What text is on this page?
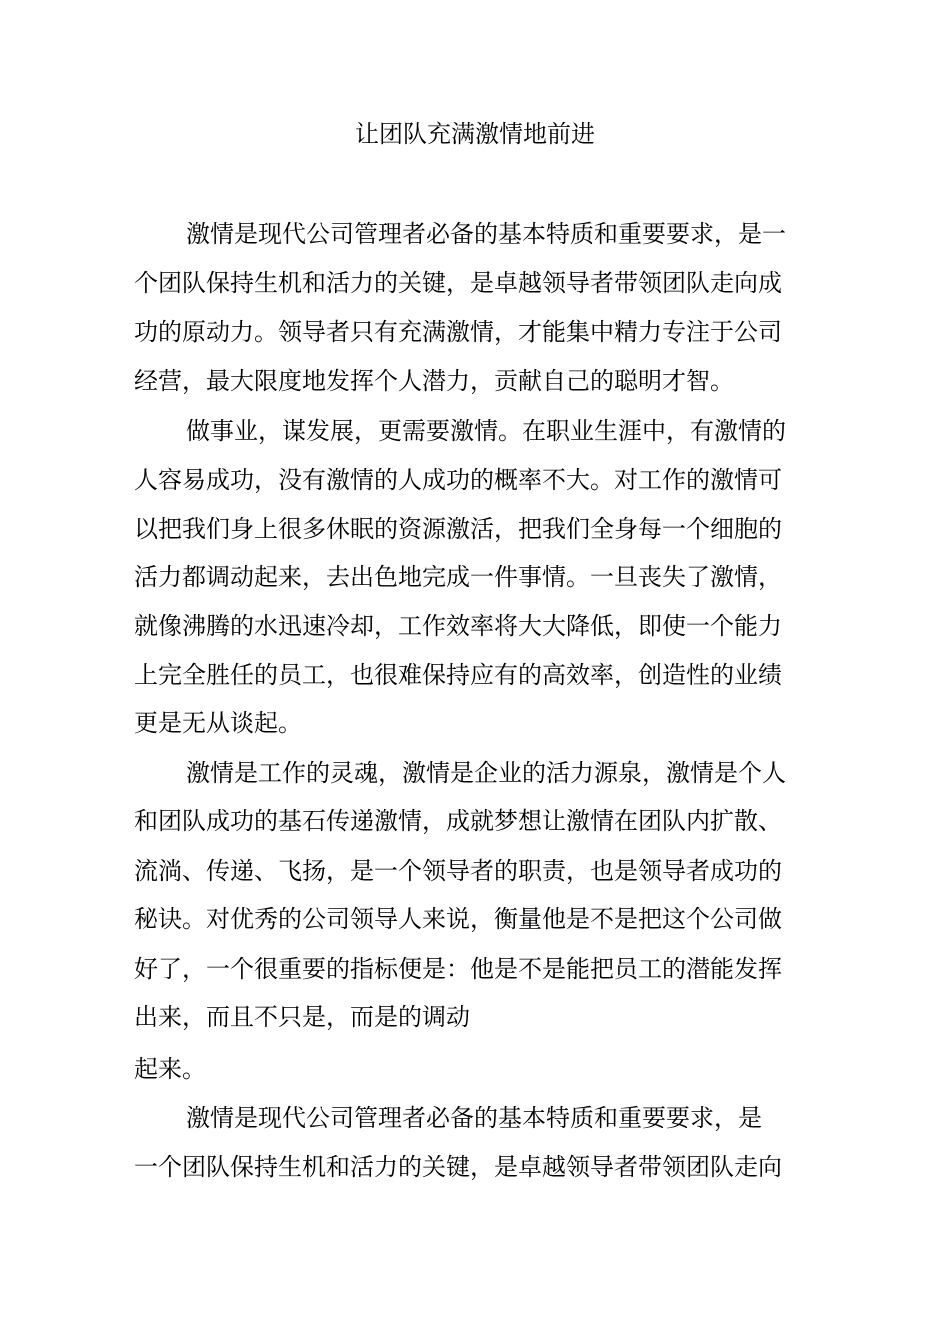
让团队充满激情地前进
激情是现代公司管理者必备的基本特质和重要要求，是一
个团队保持生机和活力的关键，是卓越领导者带领团队走向成
功的原动力。领导者只有充满激情，才能集中精力专注于公司
经营，最大限度地发挥个人潜力，贡献自己的聪明才智。
做事业，谋发展，更需要激情。在职业生涯中，有激情的
人容易成功，没有激情的人成功的概率不大。对工作的激情可
以把我们身上很多休眠的资源激活，把我们全身每一个细胞的
活力都调动起来，去出色地完成一件事情。一旦丧失了激情，
就像沸腾的水迅速冷却，工作效率将大大降低，即使一个能力
上完全胜任的员工，也很难保持应有的高效率，创造性的业绩
更是无从谈起。
激情是工作的灵魂，激情是企业的活力源泉，激情是个人
和团队成功的基石传递激情，成就梦想让激情在团队内扩散、
流淌、传递、飞扬，是一个领导者的职责，也是领导者成功的
秘诀。对优秀的公司领导人来说，衡量他是不是把这个公司做
好了，一个很重要的指标便是：他是不是能把员工的潜能发挥
出来，而且不只是，而是的调动
起来。
激情是现代公司管理者必备的基本特质和重要要求，是
一个团队保持生机和活力的关键，是卓越领导者带领团队走向
